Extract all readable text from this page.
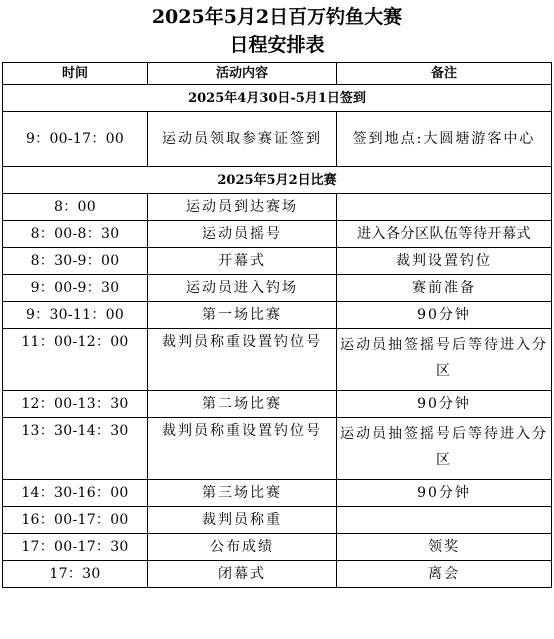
2025年5月2日百万钓鱼大赛
日程安排表
时间	活动内容	备注
2025年4月30日-5月1日签到		
9：00-17：00	运动员领取参赛证签到	签到地点:大圆塘游客中心
2025年5月2日比赛		
8：00	运动员到达赛场	
8：00-8：30	运动员摇号	进入各分区队伍等待开幕式
8：30-9：00	开幕式	裁判设置钓位
9：00-9：30	运动员进入钓场	赛前准备
9：30-11：00	第一场比赛	90分钟
11：00-12：00	裁判员称重设置钓位号	运动员抽签摇号后等待进入分区
12：00-13：30	第二场比赛	90分钟
13：30-14：30	裁判员称重设置钓位号	运动员抽签摇号后等待进入分区
14：30-16：00	第三场比赛	90分钟
16：00-17：00	裁判员称重	
17：00-17：30	公布成绩	领奖
17：30	闭幕式	离会
